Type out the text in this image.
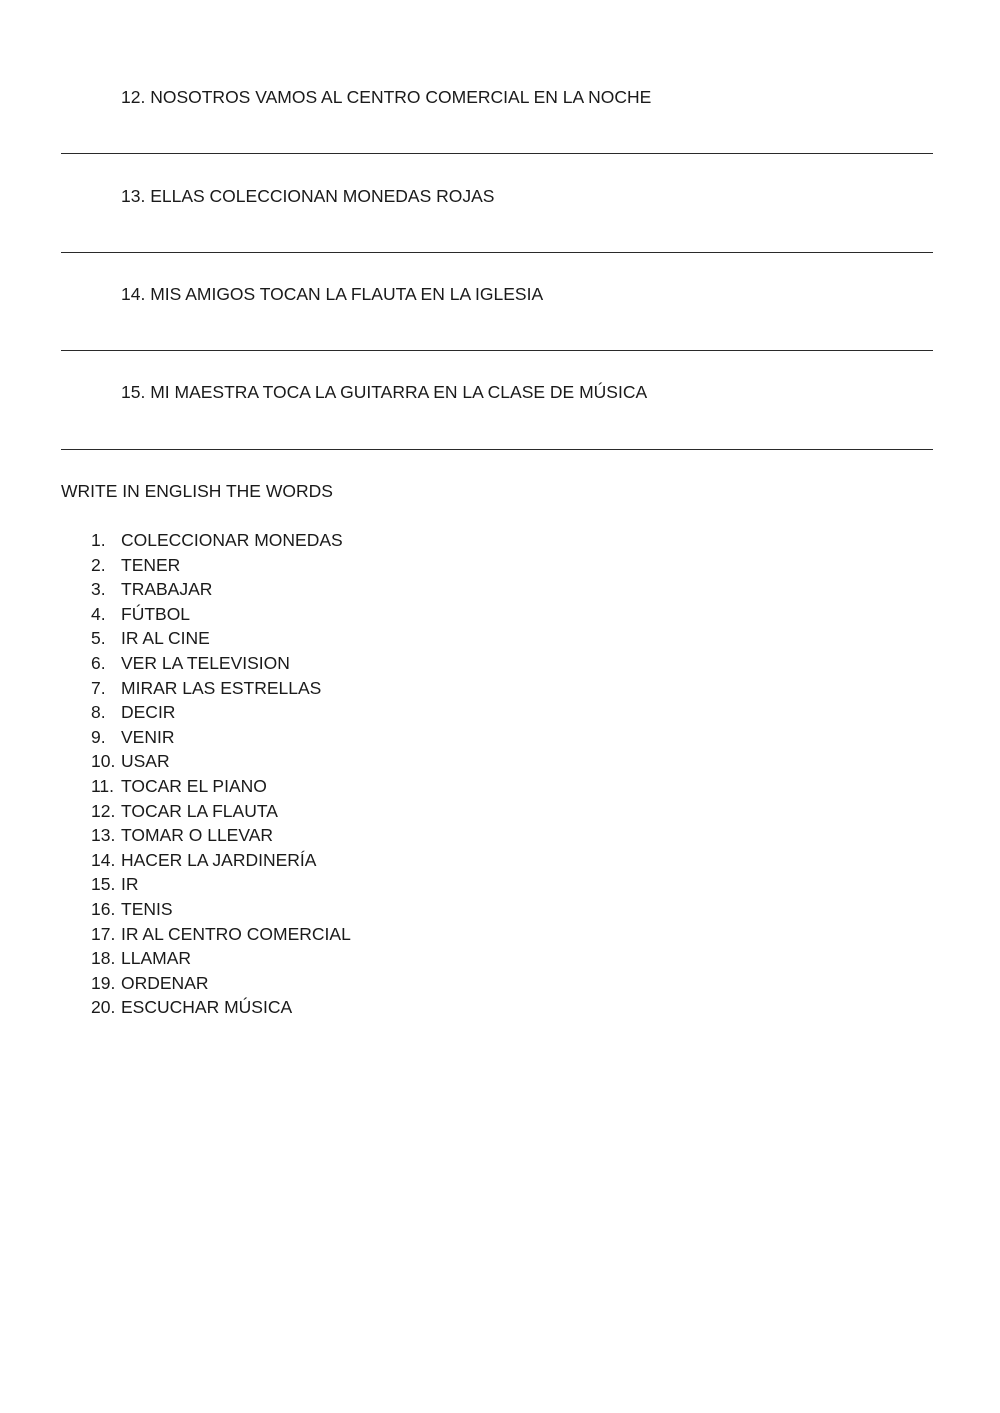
12. NOSOTROS VAMOS AL CENTRO COMERCIAL EN LA NOCHE
13. ELLAS COLECCIONAN MONEDAS ROJAS
14. MIS AMIGOS TOCAN LA FLAUTA EN LA IGLESIA
15. MI MAESTRA TOCA LA GUITARRA EN LA CLASE DE MÚSICA
WRITE IN ENGLISH THE WORDS
1. COLECCIONAR MONEDAS
2. TENER
3. TRABAJAR
4. FÚTBOL
5. IR AL CINE
6. VER LA TELEVISION
7. MIRAR LAS ESTRELLAS
8. DECIR
9. VENIR
10. USAR
11. TOCAR EL PIANO
12. TOCAR LA FLAUTA
13. TOMAR O LLEVAR
14. HACER LA JARDINERÍA
15. IR
16. TENIS
17. IR AL CENTRO COMERCIAL
18. LLAMAR
19. ORDENAR
20. ESCUCHAR MÚSICA
